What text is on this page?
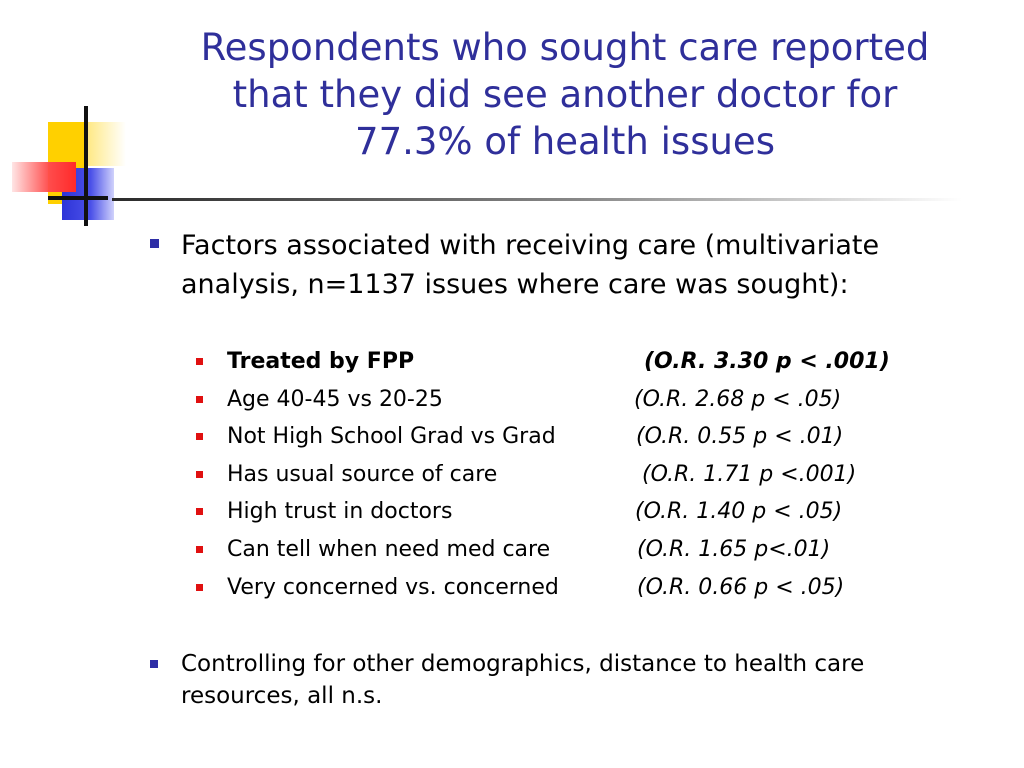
Respondents who sought care reported
that they did see another doctor for
77.3% of health issues
Factors associated with receiving care (multivariate
analysis, n=1137 issues where care was sought):
Treated by FPP	(O.R. 3.30 p < .001)
Age 40-45 vs 20-25	(O.R. 2.68 p < .05)
Not High School Grad vs Grad	(O.R. 0.55 p < .01)
Has usual source of care	(O.R. 1.71 p <.001)
High trust in doctors	(O.R. 1.40 p < .05)
Can tell when need med care	(O.R. 1.65 p<.01)
Very concerned vs. concerned	(O.R. 0.66 p < .05)
Controlling for other demographics, distance to health care
resources, all n.s.
